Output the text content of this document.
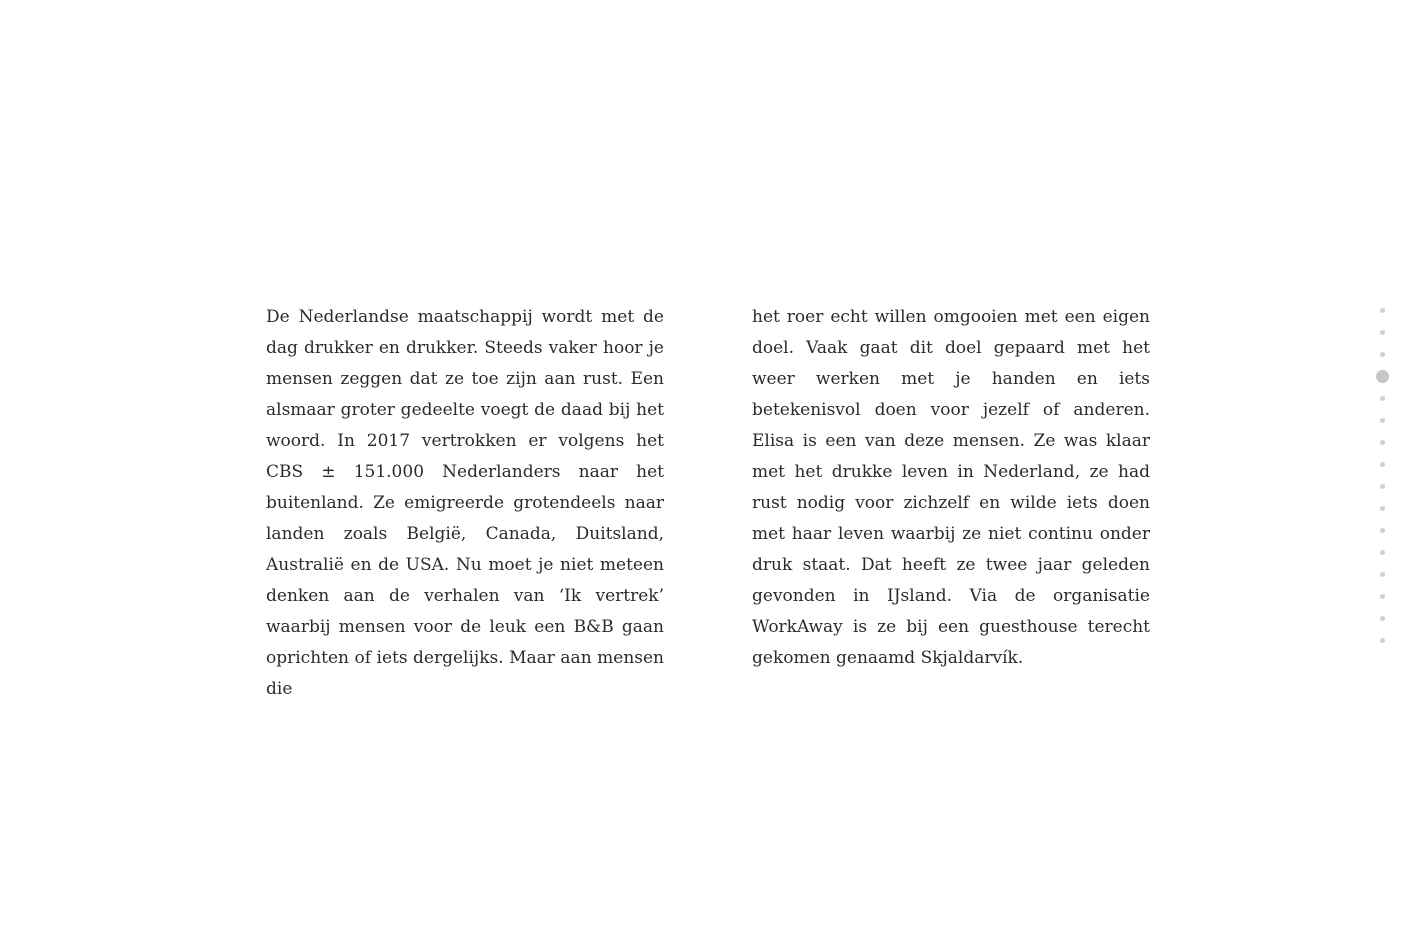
De Nederlandse maatschappij wordt met de dag drukker en drukker. Steeds vaker hoor je mensen zeggen dat ze toe zijn aan rust. Een alsmaar groter gedeelte voegt de daad bij het woord. In 2017 vertrokken er volgens het CBS ± 151.000 Nederlanders naar het buitenland. Ze emigreerde grotendeels naar landen zoals België, Canada, Duitsland, Australië en de USA. Nu moet je niet meteen denken aan de verhalen van ‘Ik vertrek’ waarbij mensen voor de leuk een B&B gaan oprichten of iets dergelijks. Maar aan mensen die

het roer echt willen omgooien met een eigen doel. Vaak gaat dit doel gepaard met het weer werken met je handen en iets betekenisvol doen voor jezelf of anderen. Elisa is een van deze mensen. Ze was klaar met het drukke leven in Nederland, ze had rust nodig voor zichzelf en wilde iets doen met haar leven waarbij ze niet continu onder druk staat. Dat heeft ze twee jaar geleden gevonden in IJsland. Via de organisatie WorkAway is ze bij een guesthouse terecht gekomen genaamd Skjaldarvík.
